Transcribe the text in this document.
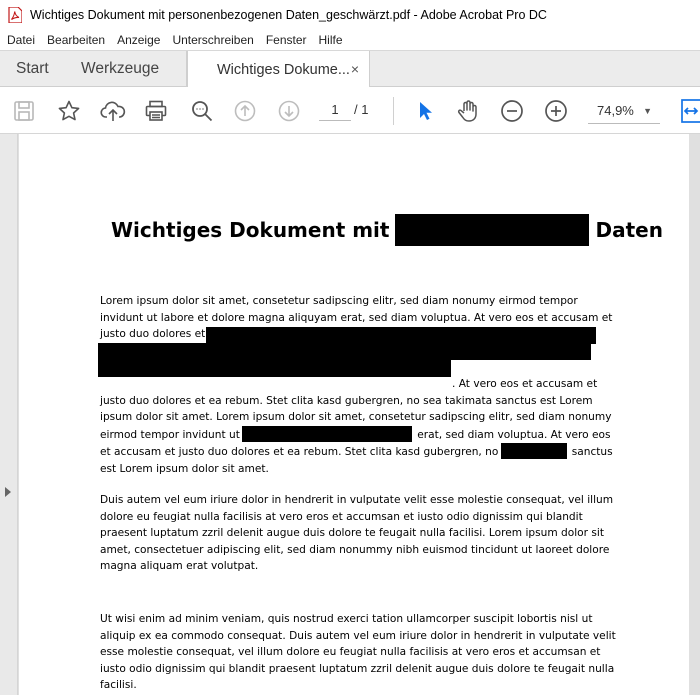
Wichtiges Dokument mit personenbezogenen Daten_geschwärzt.pdf - Adobe Acrobat Pro DC
Datei	Bearbeiten	Anzeige	Unterschreiben	Fenster	Hilfe
Start Werkzeuge	Wichtiges Dokume... ×
1	/ 1	74,9% ▼
Wichtiges Dokument mit	Daten
Lorem ipsum dolor sit amet, consetetur sadipscing elitr, sed diam nonumy eirmod tempor invidunt ut labore et dolore magna aliquyam erat, sed diam voluptua. At vero eos et accusam et justo duo dolores et ea rebum.

. At vero eos et accusam et justo duo dolores et ea rebum. Stet clita kasd gubergren, no sea takimata sanctus est Lorem ipsum dolor sit amet. Lorem ipsum dolor sit amet, consetetur sadipscing elitr, sed diam nonumy eirmod tempor invidunt ut	erat, sed diam voluptua. At vero eos et accusam et justo duo dolores et ea rebum. Stet clita kasd gubergren, no	sanctus est Lorem ipsum dolor sit amet.
Duis autem vel eum iriure dolor in hendrerit in vulputate velit esse molestie consequat, vel illum dolore eu feugiat nulla facilisis at vero eros et accumsan et iusto odio dignissim qui blandit praesent luptatum zzril delenit augue duis dolore te feugait nulla facilisi. Lorem ipsum dolor sit amet, consectetuer adipiscing elit, sed diam nonummy nibh euismod tincidunt ut laoreet dolore magna aliquam erat volutpat.
Ut wisi enim ad minim veniam, quis nostrud exerci tation ullamcorper suscipit lobortis nisl ut aliquip ex ea commodo consequat. Duis autem vel eum iriure dolor in hendrerit in vulputate velit esse molestie consequat, vel illum dolore eu feugiat nulla facilisis at vero eros et accumsan et iusto odio dignissim qui blandit praesent luptatum zzril delenit augue duis dolore te feugait nulla facilisi.
